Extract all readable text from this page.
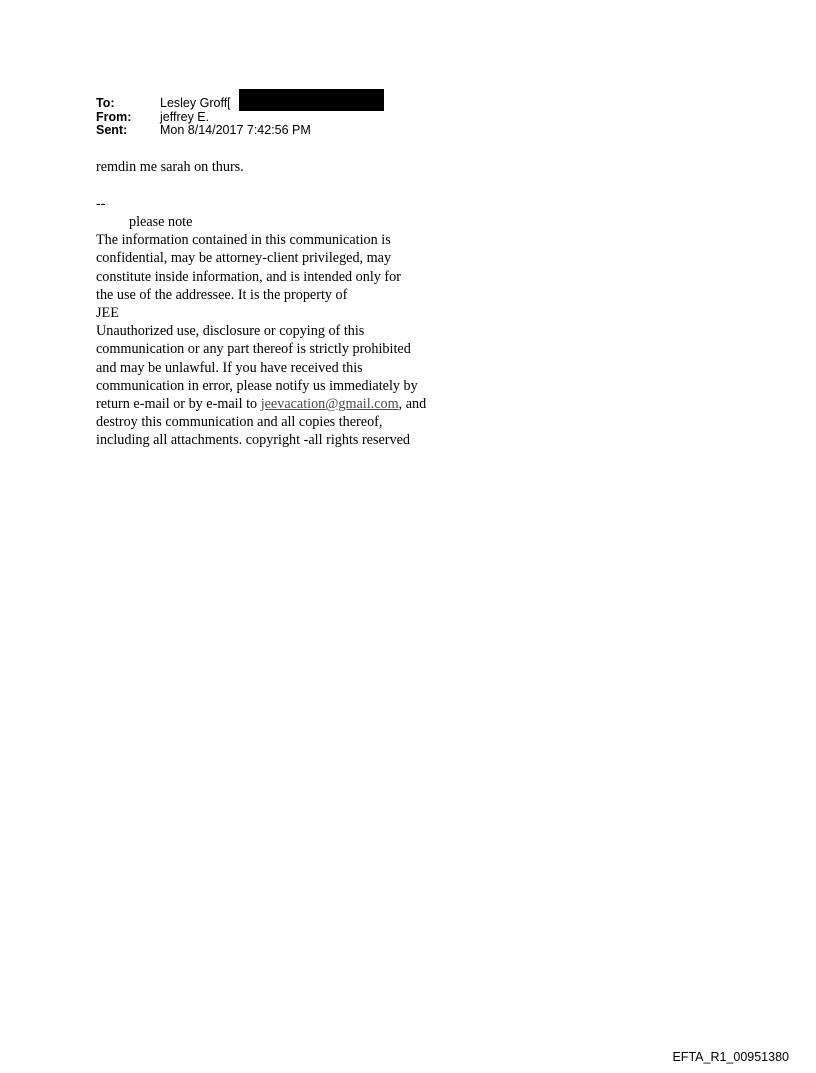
To:	Lesley Groff[
From:	jeffrey E.
Sent:	Mon 8/14/2017 7:42:56 PM
remdin me sarah on thurs.
--
please note
The information contained in this communication is
confidential, may be attorney-client privileged, may
constitute inside information, and is intended only for
the use of the addressee. It is the property of
JEE
Unauthorized use, disclosure or copying of this
communication or any part thereof is strictly prohibited
and may be unlawful. If you have received this
communication in error, please notify us immediately by
return e-mail or by e-mail to jeevacation@gmail.com, and
destroy this communication and all copies thereof,
including all attachments. copyright -all rights reserved
EFTA_R1_00951380
